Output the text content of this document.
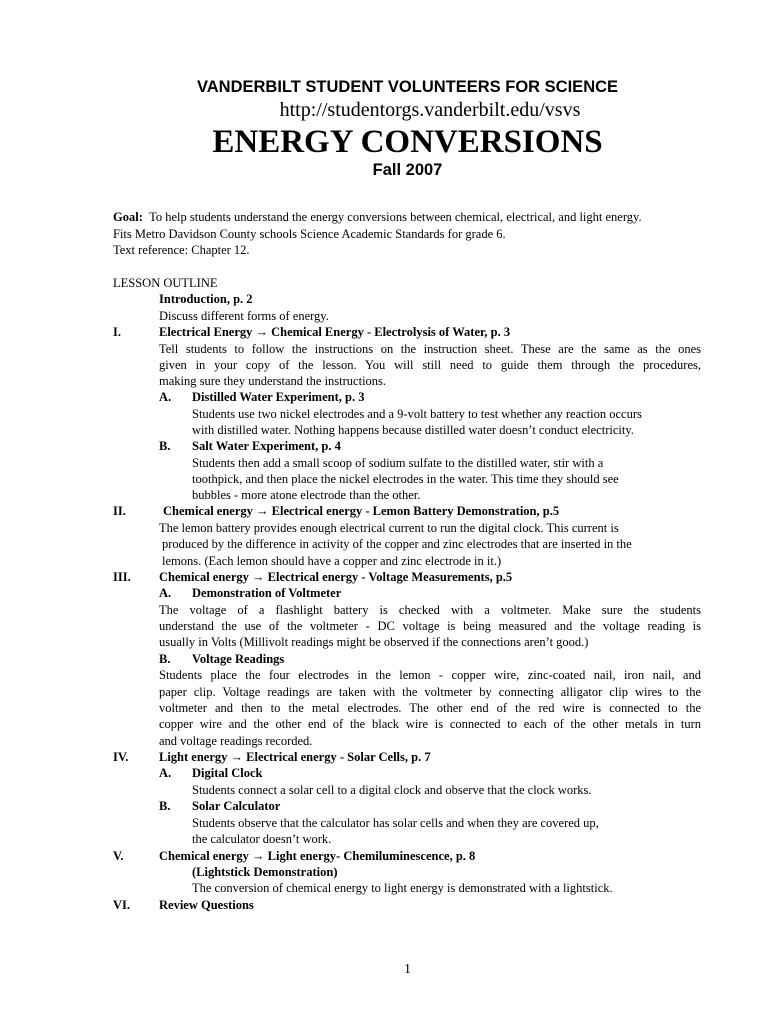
VANDERBILT STUDENT VOLUNTEERS FOR SCIENCE
http://studentorgs.vanderbilt.edu/vsvs
ENERGY CONVERSIONS
Fall 2007
Goal: To help students understand the energy conversions between chemical, electrical, and light energy.
Fits Metro Davidson County schools Science Academic Standards for grade 6.
Text reference: Chapter 12.
LESSON OUTLINE
Introduction, p. 2
Discuss different forms of energy.
I.	Electrical Energy → Chemical Energy - Electrolysis of Water, p. 3
Tell students to follow the instructions on the instruction sheet. These are the same as the ones
given in your copy of the lesson. You will still need to guide them through the procedures,
making sure they understand the instructions.
A. Distilled Water Experiment, p. 3
Students use two nickel electrodes and a 9-volt battery to test whether any reaction occurs
with distilled water. Nothing happens because distilled water doesn’t conduct electricity.
B. Salt Water Experiment, p. 4
Students then add a small scoop of sodium sulfate to the distilled water, stir with a
toothpick, and then place the nickel electrodes in the water. This time they should see
bubbles - more atone electrode than the other.
II.	Chemical energy → Electrical energy - Lemon Battery Demonstration, p.5
The lemon battery provides enough electrical current to run the digital clock. This current is
produced by the difference in activity of the copper and zinc electrodes that are inserted in the
lemons. (Each lemon should have a copper and zinc electrode in it.)
III. Chemical energy → Electrical energy - Voltage Measurements, p.5
A. Demonstration of Voltmeter
The voltage of a flashlight battery is checked with a voltmeter. Make sure the students
understand the use of the voltmeter - DC voltage is being measured and the voltage reading is
usually in Volts (Millivolt readings might be observed if the connections aren’t good.)
B. Voltage Readings
Students place the four electrodes in the lemon - copper wire, zinc-coated nail, iron nail, and
paper clip. Voltage readings are taken with the voltmeter by connecting alligator clip wires to the
voltmeter and then to the metal electrodes. The other end of the red wire is connected to the
copper wire and the other end of the black wire is connected to each of the other metals in turn
and voltage readings recorded.
IV. Light energy → Electrical energy - Solar Cells, p. 7
A. Digital Clock
Students connect a solar cell to a digital clock and observe that the clock works.
B. Solar Calculator
Students observe that the calculator has solar cells and when they are covered up,
the calculator doesn’t work.
V.	Chemical energy → Light energy- Chemiluminescence, p. 8
(Lightstick Demonstration)
The conversion of chemical energy to light energy is demonstrated with a lightstick.
VI. Review Questions
1
